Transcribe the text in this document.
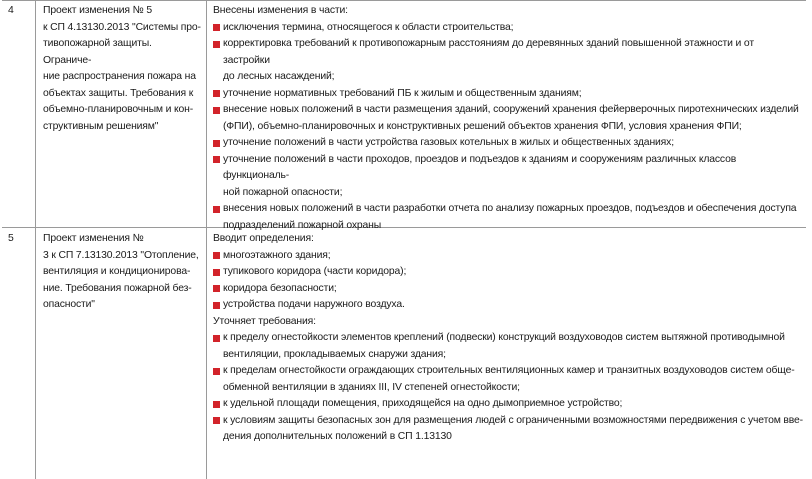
4	Проект изменения № 5

к СП 4.13130.2013 "Системы про-

тивопожарной защиты. Ограниче-

ние распространения пожара на

объектах защиты. Требования к

объемно-планировочным и кон-

структивным решениям"

Внесены изменения в части:

исключения термина, относящегося к области строительства;

корректировка требований к противопожарным расстояниям до деревянных зданий повышенной этажности и от застройки

до лесных насаждений;

уточнение нормативных требований ПБ к жилым и общественным зданиям;

внесение новых положений в части размещения зданий, сооружений хранения фейерверочных пиротехнических изделий

(ФПИ), объемно-планировочных и конструктивных решений объектов хранения ФПИ, условия хранения ФПИ;

уточнение положений в части устройства газовых котельных в жилых и общественных зданиях;

уточнение положений в части проходов, проездов и подъездов к зданиям и сооружениям различных классов функциональ-

ной пожарной опасности;

внесения новых положений в части разработки отчета по анализу пожарных проездов, подъездов и обеспечения доступа

подразделений пожарной охраны

5	Проект изменения №

3 к СП 7.13130.2013 "Отопление,

вентиляция и кондиционирова-

ние. Требования пожарной без-

опасности"

Вводит определения:

многоэтажного здания;

тупикового коридора (части коридора);

коридора безопасности;

устройства подачи наружного воздуха.

Уточняет требования:

к пределу огнестойкости элементов креплений (подвески) конструкций воздуховодов систем вытяжной противодымной

вентиляции, прокладываемых снаружи здания;

к пределам огнестойкости ограждающих строительных вентиляционных камер и транзитных воздуховодов систем обще-

обменной вентиляции в зданиях III, IV степеней огнестойкости;

к удельной площади помещения, приходящейся на одно дымоприемное устройство;

к условиям защиты безопасных зон для размещения людей с ограниченными возможностями передвижения с учетом вве-

дения дополнительных положений в СП 1.13130
